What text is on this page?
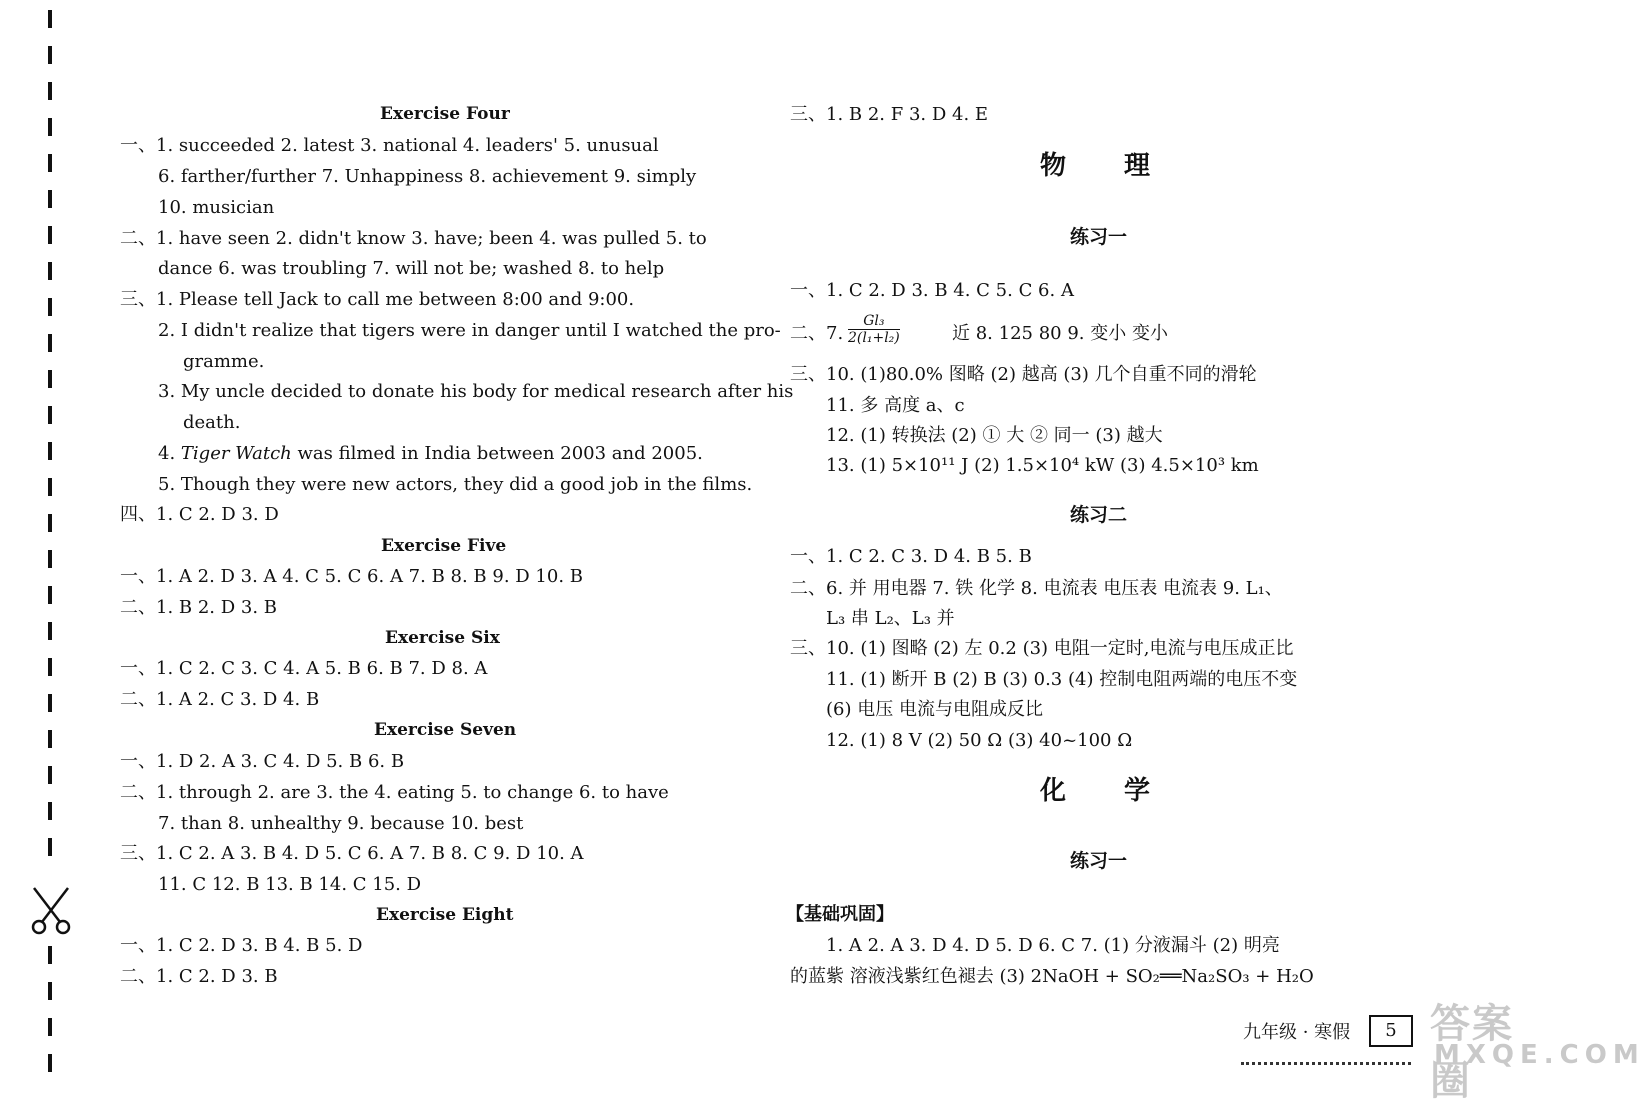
Exercise Four
一、1. succeeded 2. latest 3. national 4. leaders' 5. unusual
6. farther/further 7. Unhappiness 8. achievement 9. simply
10. musician
二、1. have seen 2. didn't know 3. have; been 4. was pulled 5. to
dance 6. was troubling 7. will not be; washed 8. to help
三、1. Please tell Jack to call me between 8:00 and 9:00.
2. I didn't realize that tigers were in danger until I watched the pro-
gramme.
3. My uncle decided to donate his body for medical research after his
death.
4. Tiger Watch was filmed in India between 2003 and 2005.
5. Though they were new actors, they did a good job in the films.
四、1. C 2. D 3. D
Exercise Five
一、1. A 2. D 3. A 4. C 5. C 6. A 7. B 8. B 9. D 10. B
二、1. B 2. D 3. B
Exercise Six
一、1. C 2. C 3. C 4. A 5. B 6. B 7. D 8. A
二、1. A 2. C 3. D 4. B
Exercise Seven
一、1. D 2. A 3. C 4. D 5. B 6. B
二、1. through 2. are 3. the 4. eating 5. to change 6. to have
7. than 8. unhealthy 9. because 10. best
三、1. C 2. A 3. B 4. D 5. C 6. A 7. B 8. C 9. D 10. A
11. C 12. B 13. B 14. C 15. D
Exercise Eight
一、1. C 2. D 3. B 4. B 5. D
二、1. C 2. D 3. B
三、1. B 2. F 3. D 4. E
物理
练习一
一、1. C 2. D 3. B 4. C 5. C 6. A
二、7. $\frac{\text{Gl₃}}{\text{2(l₁+l₂)}}$	近 8. 125 80 9. 变小 变小
三、10. (1)80.0% 图略 (2) 越高 (3) 几个自重不同的滑轮
11. 多 高度 a、c
12. (1) 转换法 (2) ① 大 ② 同一 (3) 越大
13. (1) 5×10¹¹ J (2) 1.5×10⁴ kW (3) 4.5×10³ km
练习二
一、1. C 2. C 3. D 4. B 5. B
二、6. 并 用电器 7. 铁 化学 8. 电流表 电压表 电流表 9. L₁、
L₃ 串 L₂、L₃ 并
三、10. (1) 图略 (2) 左 0.2 (3) 电阻一定时,电流与电压成正比
11. (1) 断开 B (2) B (3) 0.3 (4) 控制电阻两端的电压不变
(6) 电压 电流与电阻成反比
12. (1) 8 V (2) 50 Ω (3) 40~100 Ω
化学
练习一
【基础巩固】
1. A 2. A 3. D 4. D 5. D 6. C 7. (1) 分液漏斗 (2) 明亮
的蓝紫 溶液浅紫红色褪去 (3) 2NaOH + SO₂══Na₂SO₃ + H₂O
九年级 · 寒假	5 答案圈
MXQE.COM
